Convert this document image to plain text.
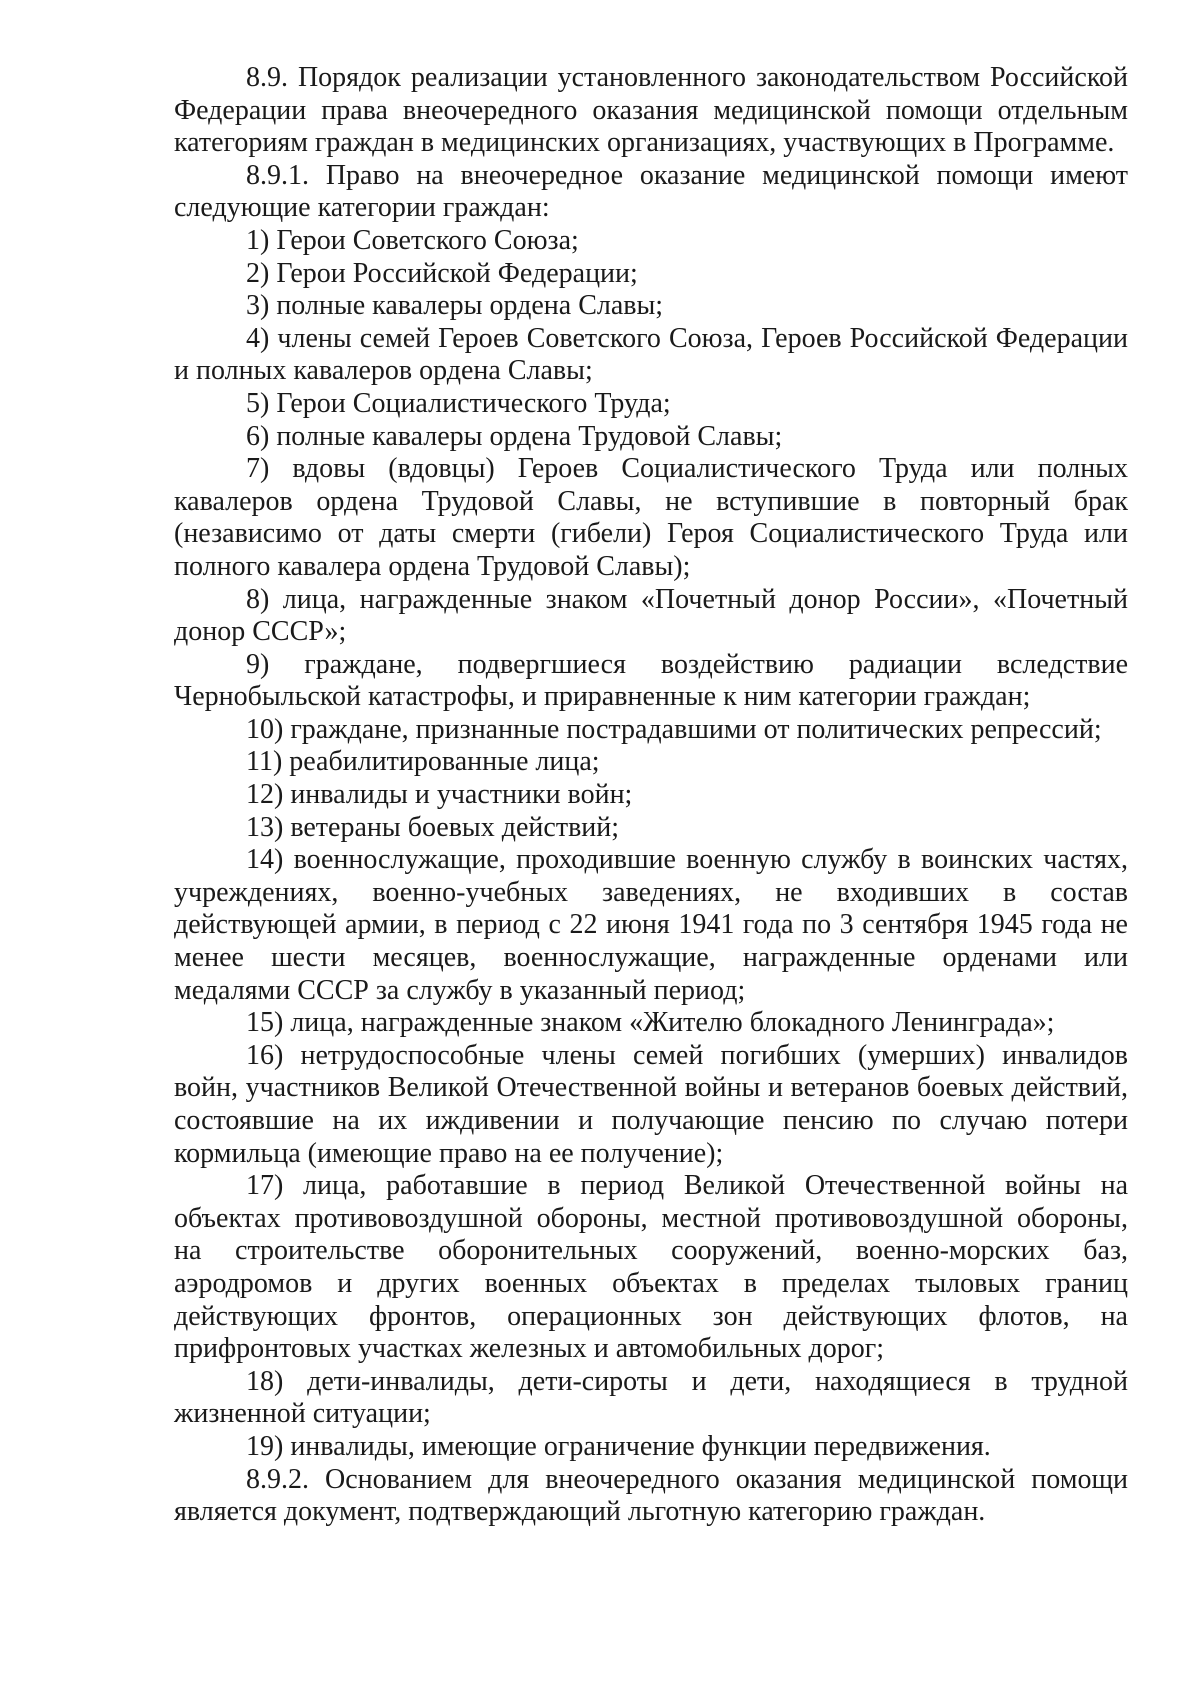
8.9. Порядок реализации установленного законодательством Российской Федерации права внеочередного оказания медицинской помощи отдельным категориям граждан в медицинских организациях, участвующих в Программе.

8.9.1. Право на внеочередное оказание медицинской помощи имеют следующие категории граждан:

1) Герои Советского Союза;

2) Герои Российской Федерации;

3) полные кавалеры ордена Славы;

4) члены семей Героев Советского Союза, Героев Российской Федерации и полных кавалеров ордена Славы;

5) Герои Социалистического Труда;

6) полные кавалеры ордена Трудовой Славы;

7) вдовы (вдовцы) Героев Социалистического Труда или полных кавалеров ордена Трудовой Славы, не вступившие в повторный брак (независимо от даты смерти (гибели) Героя Социалистического Труда или полного кавалера ордена Трудовой Славы);

8) лица, награжденные знаком «Почетный донор России», «Почетный донор СССР»;

9) граждане, подвергшиеся воздействию радиации вследствие Чернобыльской катастрофы, и приравненные к ним категории граждан;

10) граждане, признанные пострадавшими от политических репрессий;

11) реабилитированные лица;

12) инвалиды и участники войн;

13) ветераны боевых действий;

14) военнослужащие, проходившие военную службу в воинских частях, учреждениях, военно-учебных заведениях, не входивших в состав действующей армии, в период с 22 июня 1941 года по 3 сентября 1945 года не менее шести месяцев, военнослужащие, награжденные орденами или медалями СССР за службу в указанный период;

15) лица, награжденные знаком «Жителю блокадного Ленинграда»;

16) нетрудоспособные члены семей погибших (умерших) инвалидов войн, участников Великой Отечественной войны и ветеранов боевых действий, состоявшие на их иждивении и получающие пенсию по случаю потери кормильца (имеющие право на ее получение);

17) лица, работавшие в период Великой Отечественной войны на объектах противовоздушной обороны, местной противовоздушной обороны, на строительстве оборонительных сооружений, военно-морских баз, аэродромов и других военных объектах в пределах тыловых границ действующих фронтов, операционных зон действующих флотов, на прифронтовых участках железных и автомобильных дорог;

18) дети-инвалиды, дети-сироты и дети, находящиеся в трудной жизненной ситуации;

19) инвалиды, имеющие ограничение функции передвижения.

8.9.2. Основанием для внеочередного оказания медицинской помощи является документ, подтверждающий льготную категорию граждан.
